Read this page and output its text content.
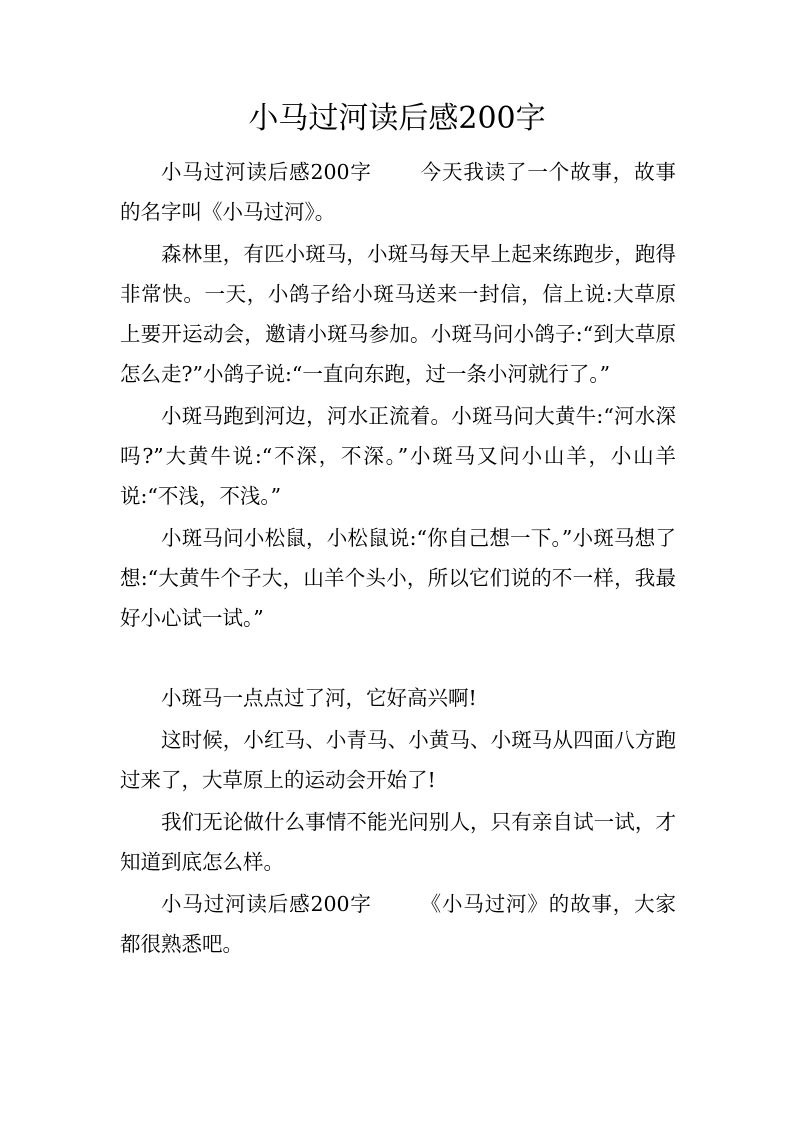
小马过河读后感200字

小马过河读后感200字 今天我读了一个故事，故事的名字叫《小马过河》。

森林里，有匹小斑马，小斑马每天早上起来练跑步，跑得非常快。一天，小鸽子给小斑马送来一封信，信上说:大草原上要开运动会，邀请小斑马参加。小斑马问小鸽子:“到大草原怎么走?”小鸽子说:“一直向东跑，过一条小河就行了。”

小斑马跑到河边，河水正流着。小斑马问大黄牛:“河水深吗?”大黄牛说:“不深，不深。”小斑马又问小山羊，小山羊说:“不浅，不浅。”

小斑马问小松鼠，小松鼠说:“你自己想一下。”小斑马想了想:“大黄牛个子大，山羊个头小，所以它们说的不一样，我最好小心试一试。”

小斑马一点点过了河，它好高兴啊!

这时候，小红马、小青马、小黄马、小斑马从四面八方跑过来了，大草原上的运动会开始了!

我们无论做什么事情不能光问别人，只有亲自试一试，才知道到底怎么样。

小马过河读后感200字 《小马过河》的故事，大家都很熟悉吧。
